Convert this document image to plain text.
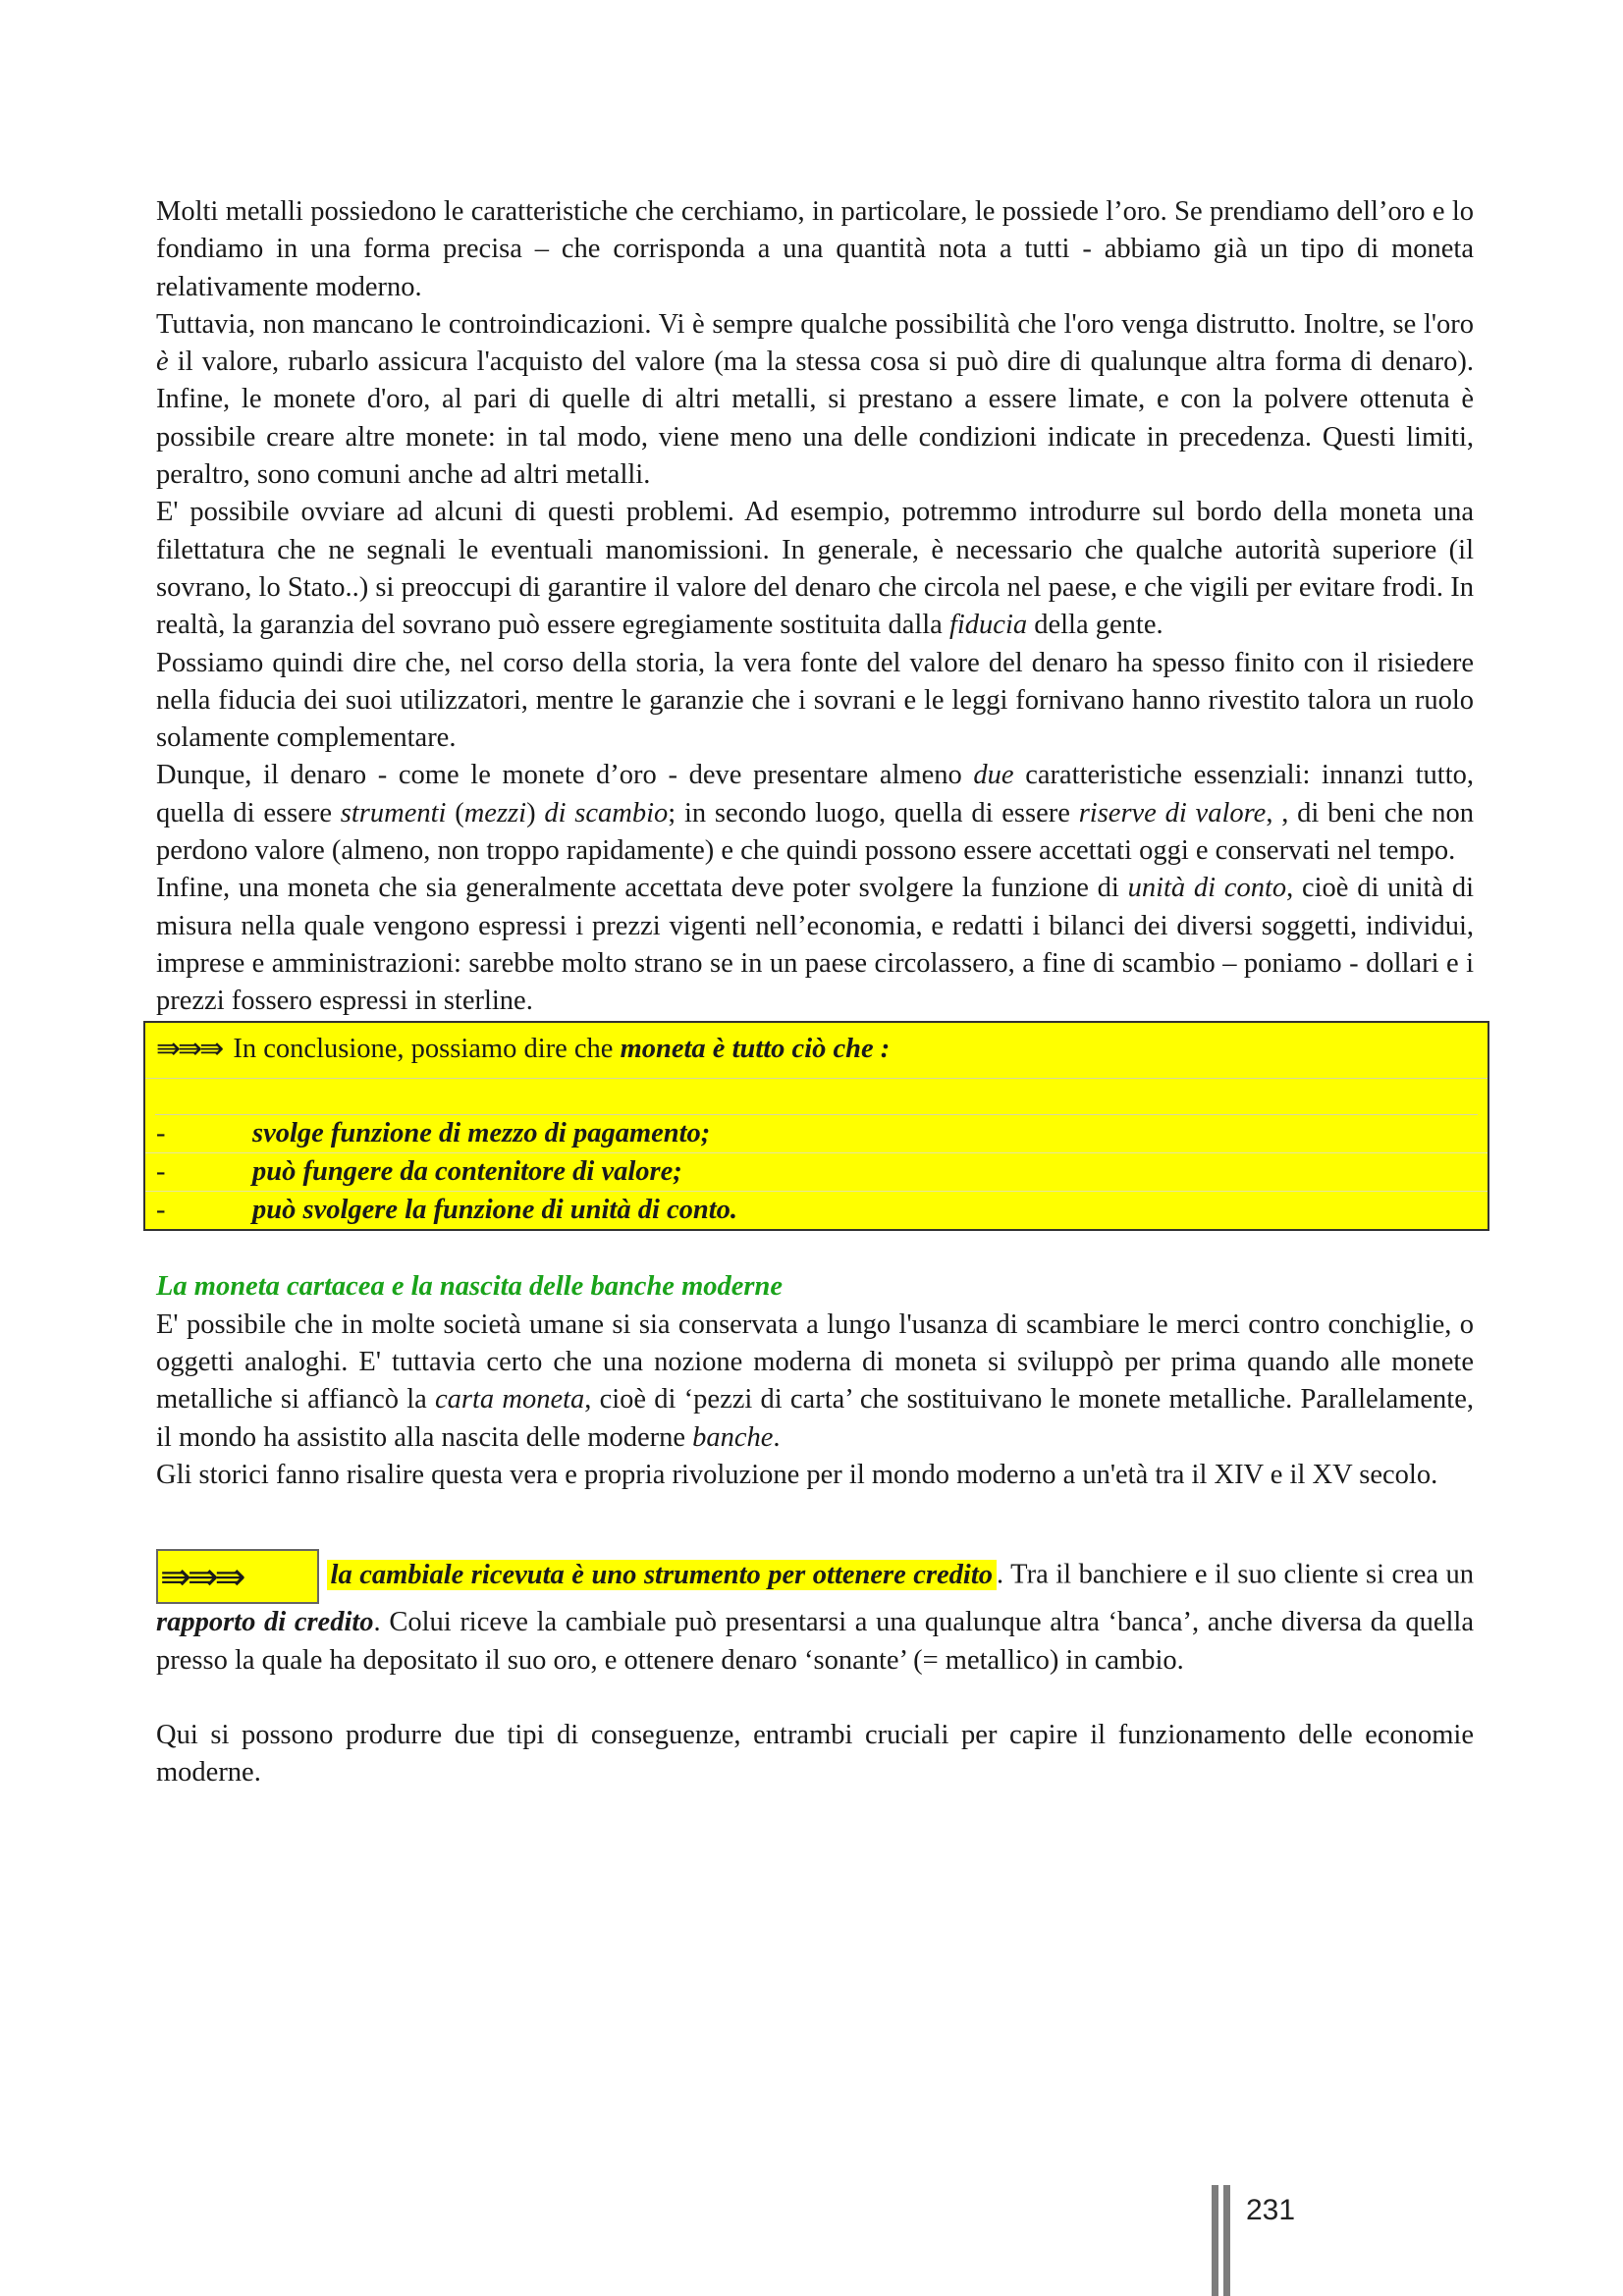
Molti metalli possiedono le caratteristiche che cerchiamo, in particolare, le possiede l’oro. Se prendiamo dell’oro e lo fondiamo in una forma precisa – che corrisponda a una quantità nota a tutti - abbiamo già un tipo di moneta relativamente moderno.

Tuttavia, non mancano le controindicazioni. Vi è sempre qualche possibilità che l'oro venga distrutto. Inoltre, se l'oro è il valore, rubarlo assicura l'acquisto del valore (ma la stessa cosa si può dire di qualunque altra forma di denaro). Infine, le monete d'oro, al pari di quelle di altri metalli, si prestano a essere limate, e con la polvere ottenuta è possibile creare altre monete: in tal modo, viene meno una delle condizioni indicate in precedenza. Questi limiti, peraltro, sono comuni anche ad altri metalli.

E' possibile ovviare ad alcuni di questi problemi. Ad esempio, potremmo introdurre sul bordo della moneta una filettatura che ne segnali le eventuali manomissioni. In generale, è necessario che qualche autorità superiore (il sovrano, lo Stato..) si preoccupi di garantire il valore del denaro che circola nel paese, e che vigili per evitare frodi. In realtà, la garanzia del sovrano può essere egregiamente sostituita dalla fiducia della gente.

Possiamo quindi dire che, nel corso della storia, la vera fonte del valore del denaro ha spesso finito con il risiedere nella fiducia dei suoi utilizzatori, mentre le garanzie che i sovrani e le leggi fornivano hanno rivestito talora un ruolo solamente complementare.

Dunque, il denaro - come le monete d’oro - deve presentare almeno due caratteristiche essenziali: innanzi tutto, quella di essere strumenti (mezzi) di scambio; in secondo luogo, quella di essere riserve di valore, , di beni che non perdono valore (almeno, non troppo rapidamente) e che quindi possono essere accettati oggi e conservati nel tempo.

Infine, una moneta che sia generalmente accettata deve poter svolgere la funzione di unità di conto, cioè di unità di misura nella quale vengono espressi i prezzi vigenti nell’economia, e redatti i bilanci dei diversi soggetti, individui, imprese e amministrazioni: sarebbe molto strano se in un paese circolassero, a fine di scambio – poniamo - dollari e i prezzi fossero espressi in sterline.

⇛⇛⇛ In conclusione, possiamo dire che moneta è tutto ciò che :
-	svolge funzione di mezzo di pagamento;
-	può fungere da contenitore di valore;
-	può svolgere la funzione di unità di conto.

La moneta cartacea e la nascita delle banche moderne

E' possibile che in molte società umane si sia conservata a lungo l'usanza di scambiare le merci contro conchiglie, o oggetti analoghi. E' tuttavia certo che una nozione moderna di moneta si sviluppò per prima quando alle monete metalliche si affiancò la carta moneta, cioè di ‘pezzi di carta’ che sostituivano le monete metalliche. Parallelamente, il mondo ha assistito alla nascita delle moderne banche.

Gli storici fanno risalire questa vera e propria rivoluzione per il mondo moderno a un'età tra il XIV e il XV secolo.

⇛⇛⇛	la cambiale ricevuta è uno strumento per ottenere credito . Tra il banchiere e il suo cliente si crea un rapporto di credito. Colui riceve la cambiale può presentarsi a una qualunque altra ‘banca’, anche diversa da quella presso la quale ha depositato il suo oro, e ottenere denaro ‘sonante’ (= metallico) in cambio.

Qui si possono produrre due tipi di conseguenze, entrambi cruciali per capire il funzionamento delle economie moderne.

231
